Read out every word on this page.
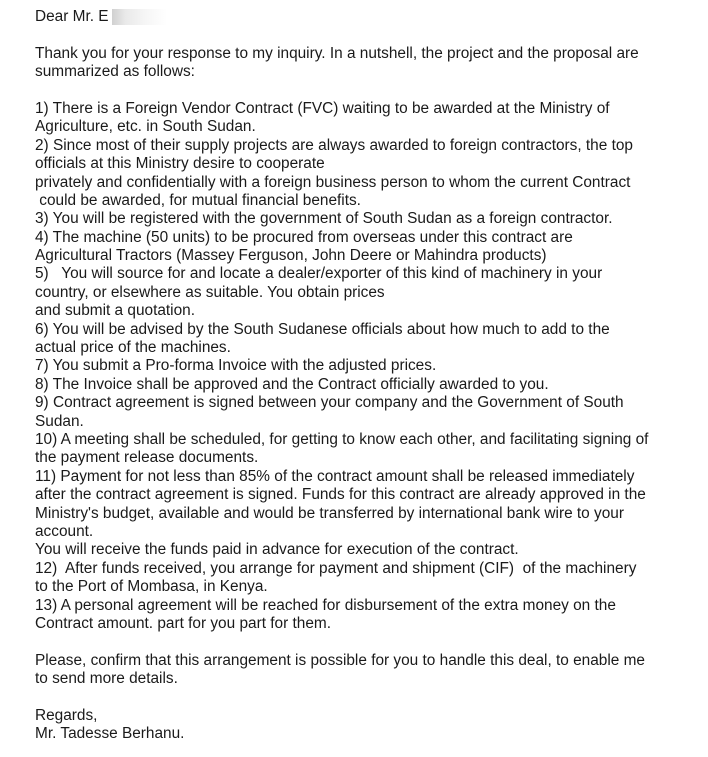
Dear Mr. E
Thank you for your response to my inquiry. In a nutshell, the project and the proposal are
summarized as follows:
1) There is a Foreign Vendor Contract (FVC) waiting to be awarded at the Ministry of
Agriculture, etc. in South Sudan.
2) Since most of their supply projects are always awarded to foreign contractors, the top
officials at this Ministry desire to cooperate
privately and confidentially with a foreign business person to whom the current Contract
could be awarded, for mutual financial benefits.
3) You will be registered with the government of South Sudan as a foreign contractor.
4) The machine (50 units) to be procured from overseas under this contract are
Agricultural Tractors (Massey Ferguson, John Deere or Mahindra products)
5)   You will source for and locate a dealer/exporter of this kind of machinery in your
country, or elsewhere as suitable. You obtain prices
and submit a quotation.
6) You will be advised by the South Sudanese officials about how much to add to the
actual price of the machines.
7) You submit a Pro-forma Invoice with the adjusted prices.
8) The Invoice shall be approved and the Contract officially awarded to you.
9) Contract agreement is signed between your company and the Government of South
Sudan.
10) A meeting shall be scheduled, for getting to know each other, and facilitating signing of
the payment release documents.
11) Payment for not less than 85% of the contract amount shall be released immediately
after the contract agreement is signed. Funds for this contract are already approved in the
Ministry's budget, available and would be transferred by international bank wire to your
account.
You will receive the funds paid in advance for execution of the contract.
12)  After funds received, you arrange for payment and shipment (CIF)  of the machinery
to the Port of Mombasa, in Kenya.
13) A personal agreement will be reached for disbursement of the extra money on the
Contract amount. part for you part for them.
Please, confirm that this arrangement is possible for you to handle this deal, to enable me
to send more details.
Regards,
Mr. Tadesse Berhanu.
